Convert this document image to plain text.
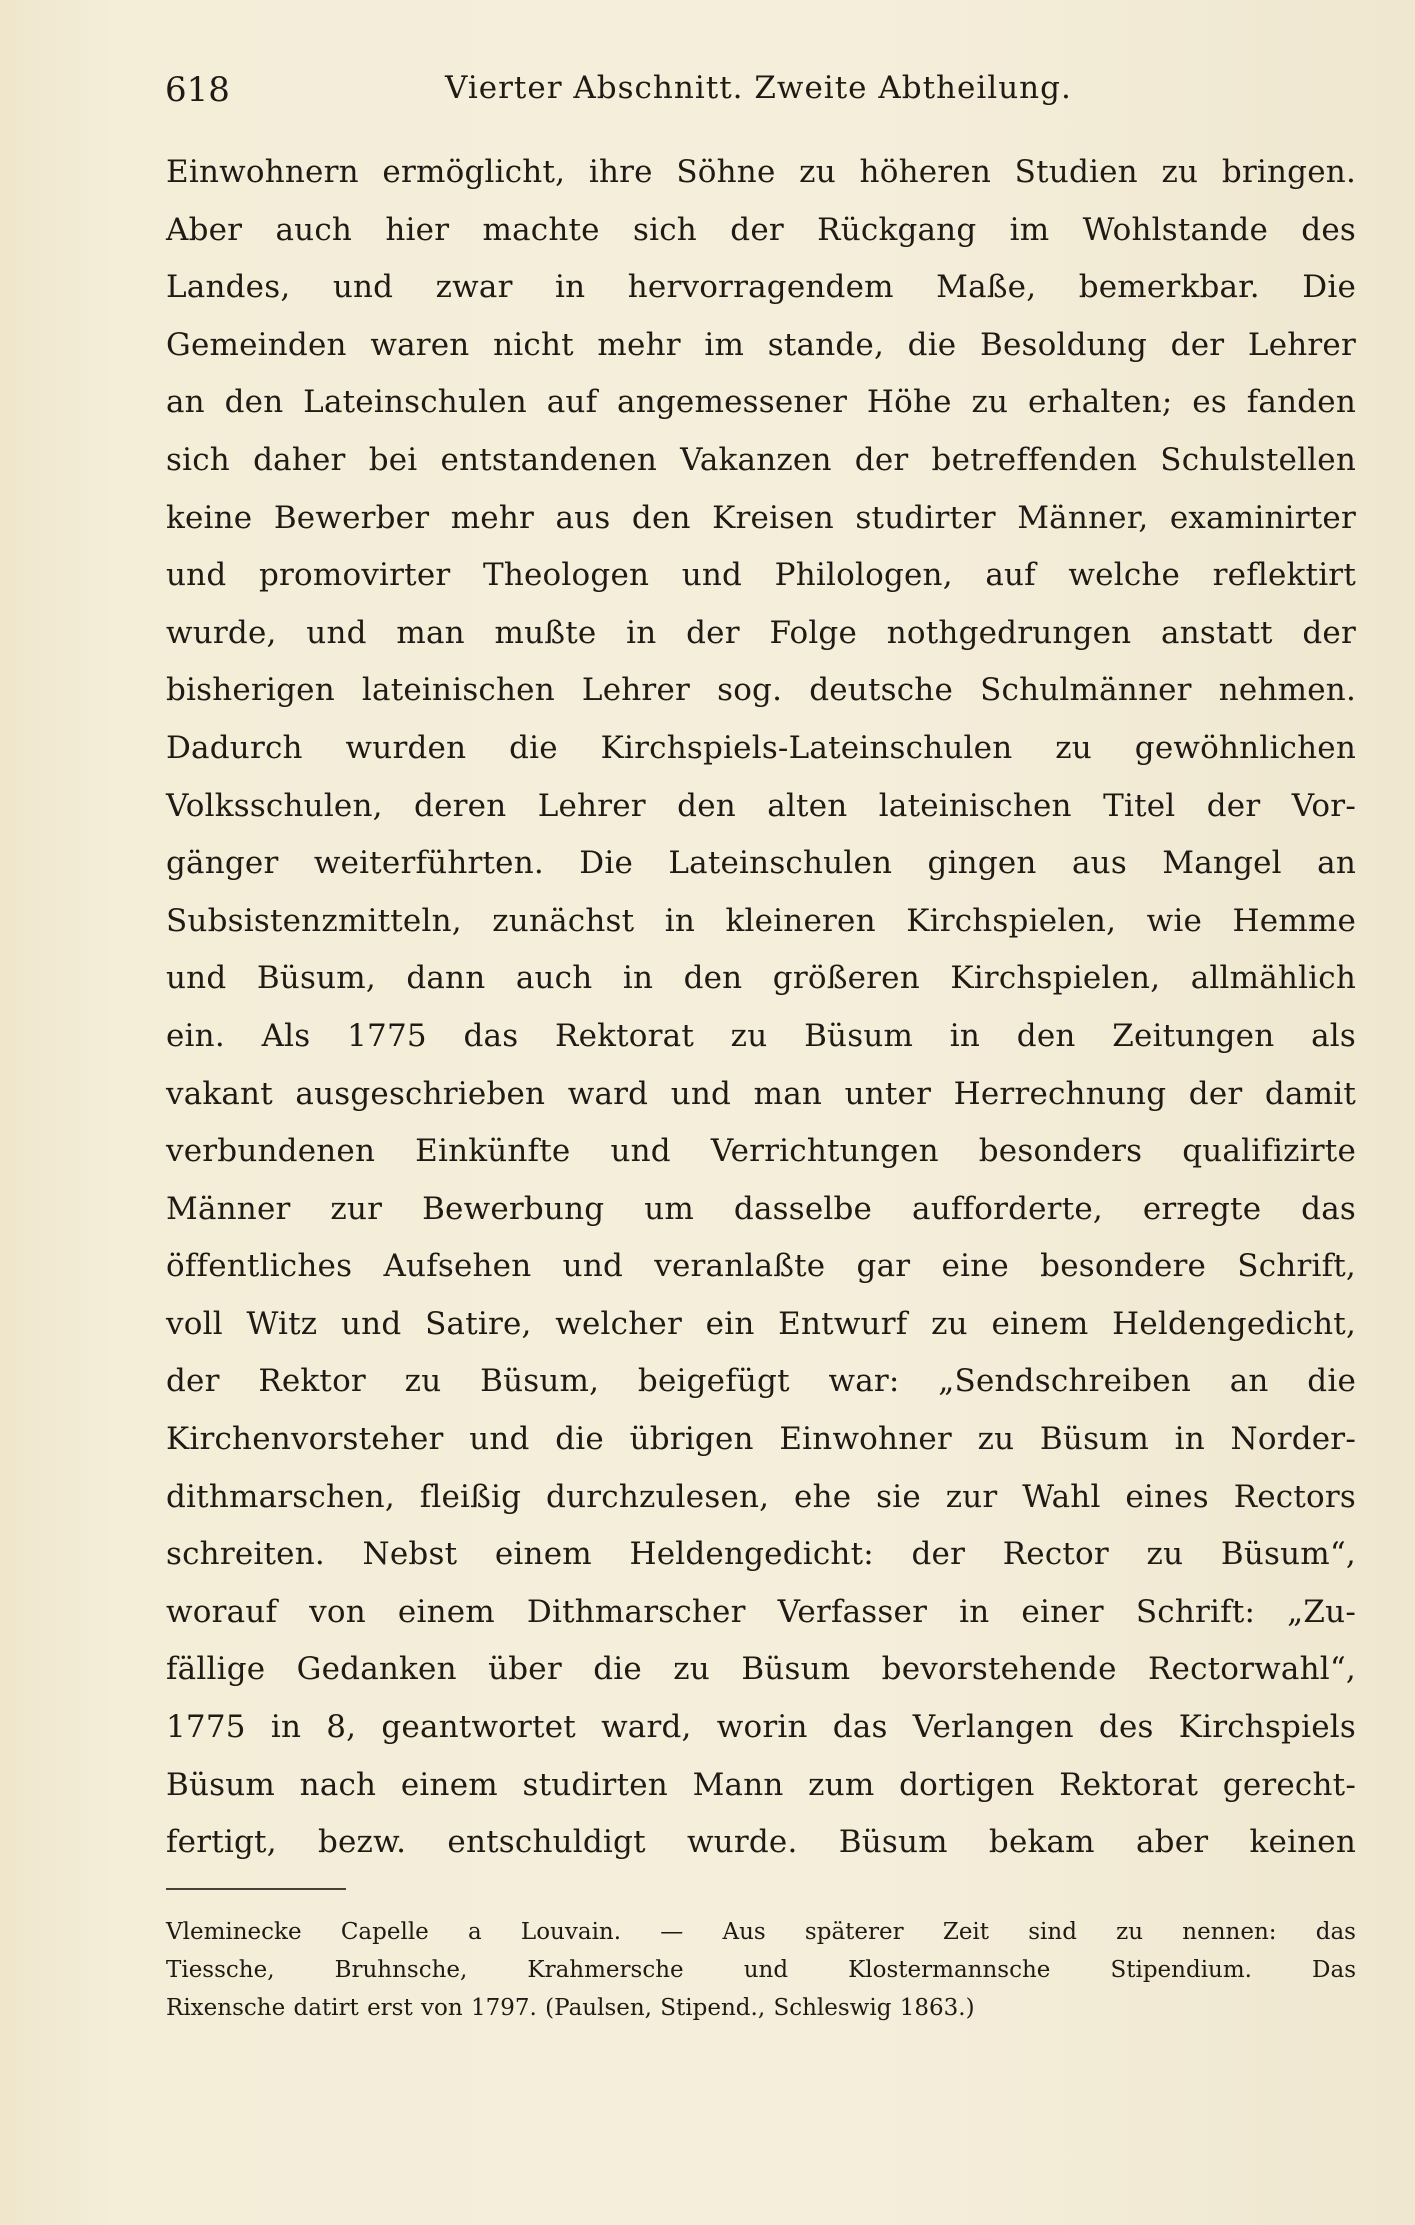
618	Vierter Abschnitt. Zweite Abtheilung.
Einwohnern ermöglicht, ihre Söhne zu höheren Studien zu bringen.
Aber auch hier machte sich der Rückgang im Wohlstande des
Landes, und zwar in hervorragendem Maße, bemerkbar. Die
Gemeinden waren nicht mehr im stande, die Besoldung der Lehrer
an den Lateinschulen auf angemessener Höhe zu erhalten; es fanden
sich daher bei entstandenen Vakanzen der betreffenden Schulstellen
keine Bewerber mehr aus den Kreisen studirter Männer, examinirter
und promovirter Theologen und Philologen, auf welche reflektirt
wurde, und man mußte in der Folge nothgedrungen anstatt der
bisherigen lateinischen Lehrer sog. deutsche Schulmänner nehmen.
Dadurch wurden die Kirchspiels-Lateinschulen zu gewöhnlichen
Volksschulen, deren Lehrer den alten lateinischen Titel der Vor-
gänger weiterführten. Die Lateinschulen gingen aus Mangel an
Subsistenzmitteln, zunächst in kleineren Kirchspielen, wie Hemme
und Büsum, dann auch in den größeren Kirchspielen, allmählich
ein. Als 1775 das Rektorat zu Büsum in den Zeitungen als
vakant ausgeschrieben ward und man unter Herrechnung der damit
verbundenen Einkünfte und Verrichtungen besonders qualifizirte
Männer zur Bewerbung um dasselbe aufforderte, erregte das
öffentliches Aufsehen und veranlaßte gar eine besondere Schrift,
voll Witz und Satire, welcher ein Entwurf zu einem Heldengedicht,
der Rektor zu Büsum, beigefügt war: „Sendschreiben an die
Kirchenvorsteher und die übrigen Einwohner zu Büsum in Norder-
dithmarschen, fleißig durchzulesen, ehe sie zur Wahl eines Rectors
schreiten. Nebst einem Heldengedicht: der Rector zu Büsum“,
worauf von einem Dithmarscher Verfasser in einer Schrift: „Zu-
fällige Gedanken über die zu Büsum bevorstehende Rectorwahl“,
1775 in 8, geantwortet ward, worin das Verlangen des Kirchspiels
Büsum nach einem studirten Mann zum dortigen Rektorat gerecht-
fertigt, bezw. entschuldigt wurde. Büsum bekam aber keinen
Vleminecke Capelle a Louvain. — Aus späterer Zeit sind zu nennen: das
Tiessche, Bruhnsche, Krahmersche und Klostermannsche Stipendium. Das
Rixensche datirt erst von 1797. (Paulsen, Stipend., Schleswig 1863.)
